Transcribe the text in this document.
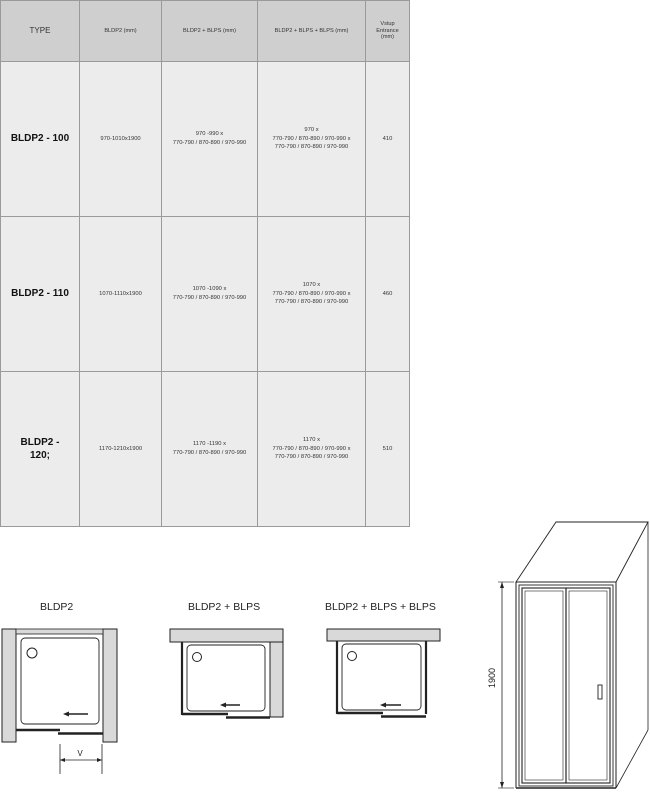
TYPE	BLDP2 (mm)	BLDP2 + BLPS (mm)	BLDP2 + BLPS + BLPS (mm)	Vstup
Entrance
(mm)

BLDP2 - 100	970-1010x1900	970 -990 x
770-790 / 870-890 / 970-990	970 x
770-790 / 870-890 / 970-990 x
770-790 / 870-890 / 970-990	410

BLDP2 - 110	1070-1110x1900	1070 -1090 x
770-790 / 870-890 / 970-990	1070 x
770-790 / 870-890 / 970-990 x
770-790 / 870-890 / 970-990	460

BLDP2 -
120;	1170-1210x1900	1170 -1190 x
770-790 / 870-890 / 970-990	1170 x
770-790 / 870-890 / 970-990 x
770-790 / 870-890 / 970-990	510
BLDP2
V
BLDP2 + BLPS	BLDP2 + BLPS + BLPS
1900
